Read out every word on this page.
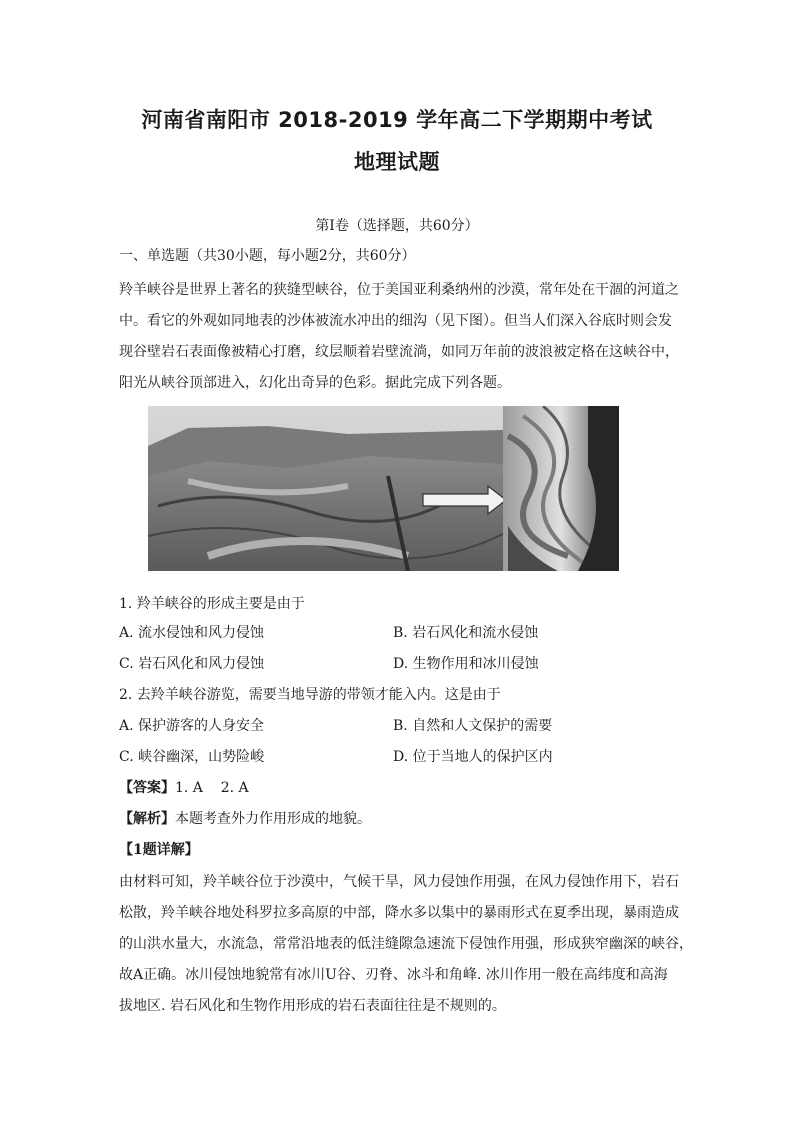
河南省南阳市 2018-2019 学年高二下学期期中考试
地理试题
第Ⅰ卷（选择题，共60分）
一、单选题（共30小题，每小题2分，共60分）
羚羊峡谷是世界上著名的狭缝型峡谷，位于美国亚利桑纳州的沙漠，常年处在干涸的河道之
中。看它的外观如同地表的沙体被流水冲出的细沟（见下图）。但当人们深入谷底时则会发
现谷壁岩石表面像被精心打磨，纹层顺着岩壁流淌，如同万年前的波浪被定格在这峡谷中，
阳光从峡谷顶部进入，幻化出奇异的色彩。据此完成下列各题。
1. 羚羊峡谷的形成主要是由于
A. 流水侵蚀和风力侵蚀	B. 岩石风化和流水侵蚀
C. 岩石风化和风力侵蚀	D. 生物作用和冰川侵蚀
2. 去羚羊峡谷游览，需要当地导游的带领才能入内。这是由于
A. 保护游客的人身安全	B. 自然和人文保护的需要
C. 峡谷幽深，山势险峻	D. 位于当地人的保护区内
【答案】1. A    2. A
【解析】本题考查外力作用形成的地貌。
【1题详解】
由材料可知，羚羊峡谷位于沙漠中，气候干旱，风力侵蚀作用强，在风力侵蚀作用下，岩石
松散，羚羊峡谷地处科罗拉多高原的中部，降水多以集中的暴雨形式在夏季出现，暴雨造成
的山洪水量大，水流急，常常沿地表的低洼缝隙急速流下侵蚀作用强，形成狭窄幽深的峡谷，
故A正确。冰川侵蚀地貌常有冰川U谷、刃脊、冰斗和角峰. 冰川作用一般在高纬度和高海
拔地区. 岩石风化和生物作用形成的岩石表面往往是不规则的。
